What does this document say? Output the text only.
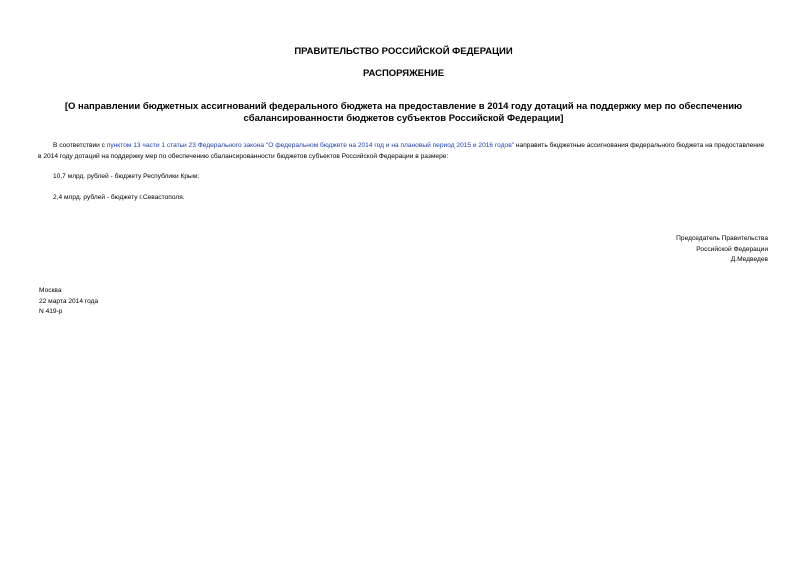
ПРАВИТЕЛЬСТВО РОССИЙСКОЙ ФЕДЕРАЦИИ
РАСПОРЯЖЕНИЕ
[О направлении бюджетных ассигнований федерального бюджета на предоставление в 2014 году дотаций на поддержку мер по обеспечению сбалансированности бюджетов субъектов Российской Федерации]
В соответствии с пунктом 13 части 1 статьи 23 Федерального закона "О федеральном бюджете на 2014 год и на плановый период 2015 и 2016 годов" направить бюджетные ассигнования федерального бюджета на предоставление в 2014 году дотаций на поддержку мер по обеспечению сбалансированности бюджетов субъектов Российской Федерации в размере:
10,7 млрд. рублей - бюджету Республики Крым;
2,4 млрд. рублей - бюджету г.Севастополя.
Председатель Правительства
Российской Федерации
Д.Медведев
Москва
22 марта 2014 года
N 419-р
